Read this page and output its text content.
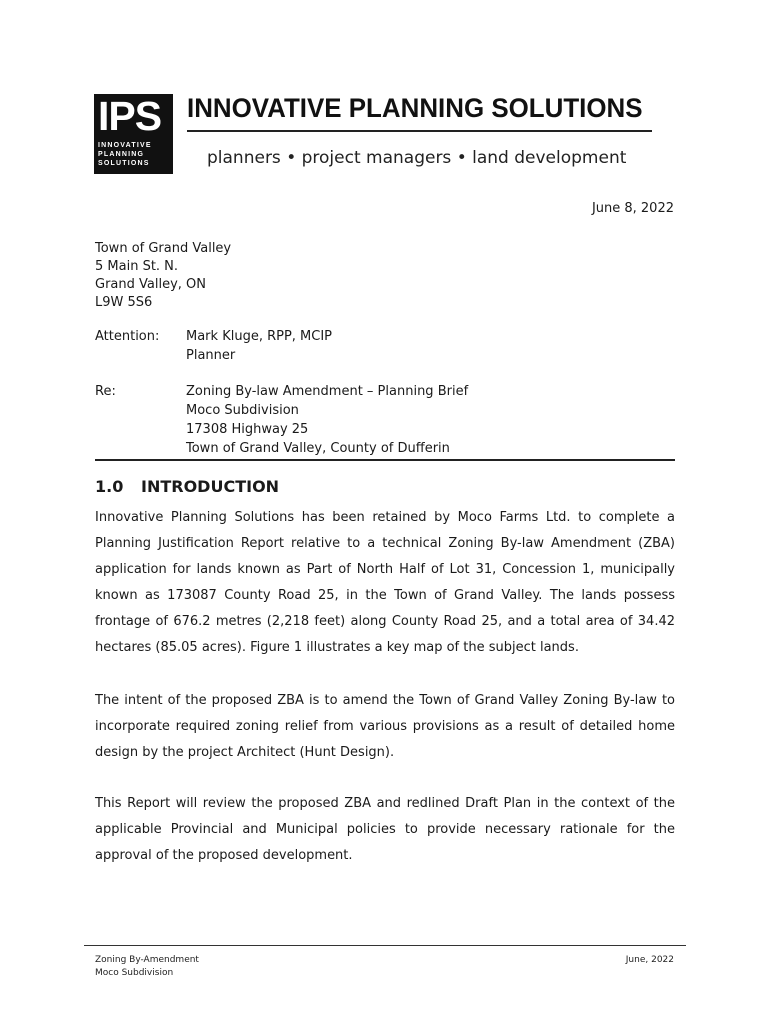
IPS
INNOVATIVE
PLANNING
SOLUTIONS
INNOVATIVE PLANNING SOLUTIONS
planners • project managers • land development
June 8, 2022
Town of Grand Valley
5 Main St. N.
Grand Valley, ON
L9W 5S6
Attention: Mark Kluge, RPP, MCIP
Planner
Re:	Zoning By-law Amendment – Planning Brief
Moco Subdivision
17308 Highway 25
Town of Grand Valley, County of Dufferin
1.0 INTRODUCTION

Innovative Planning Solutions has been retained by Moco Farms Ltd. to complete a Planning Justification Report relative to a technical Zoning By-law Amendment (ZBA) application for lands known as Part of North Half of Lot 31, Concession 1, municipally known as 173087 County Road 25, in the Town of Grand Valley. The lands possess frontage of 676.2 metres (2,218 feet) along County Road 25, and a total area of 34.42 hectares (85.05 acres). Figure 1 illustrates a key map of the subject lands.

The intent of the proposed ZBA is to amend the Town of Grand Valley Zoning By-law to incorporate required zoning relief from various provisions as a result of detailed home design by the project Architect (Hunt Design).

This Report will review the proposed ZBA and redlined Draft Plan in the context of the applicable Provincial and Municipal policies to provide necessary rationale for the approval of the proposed development.

Zoning By-Amendment
Moco Subdivision
June, 2022
